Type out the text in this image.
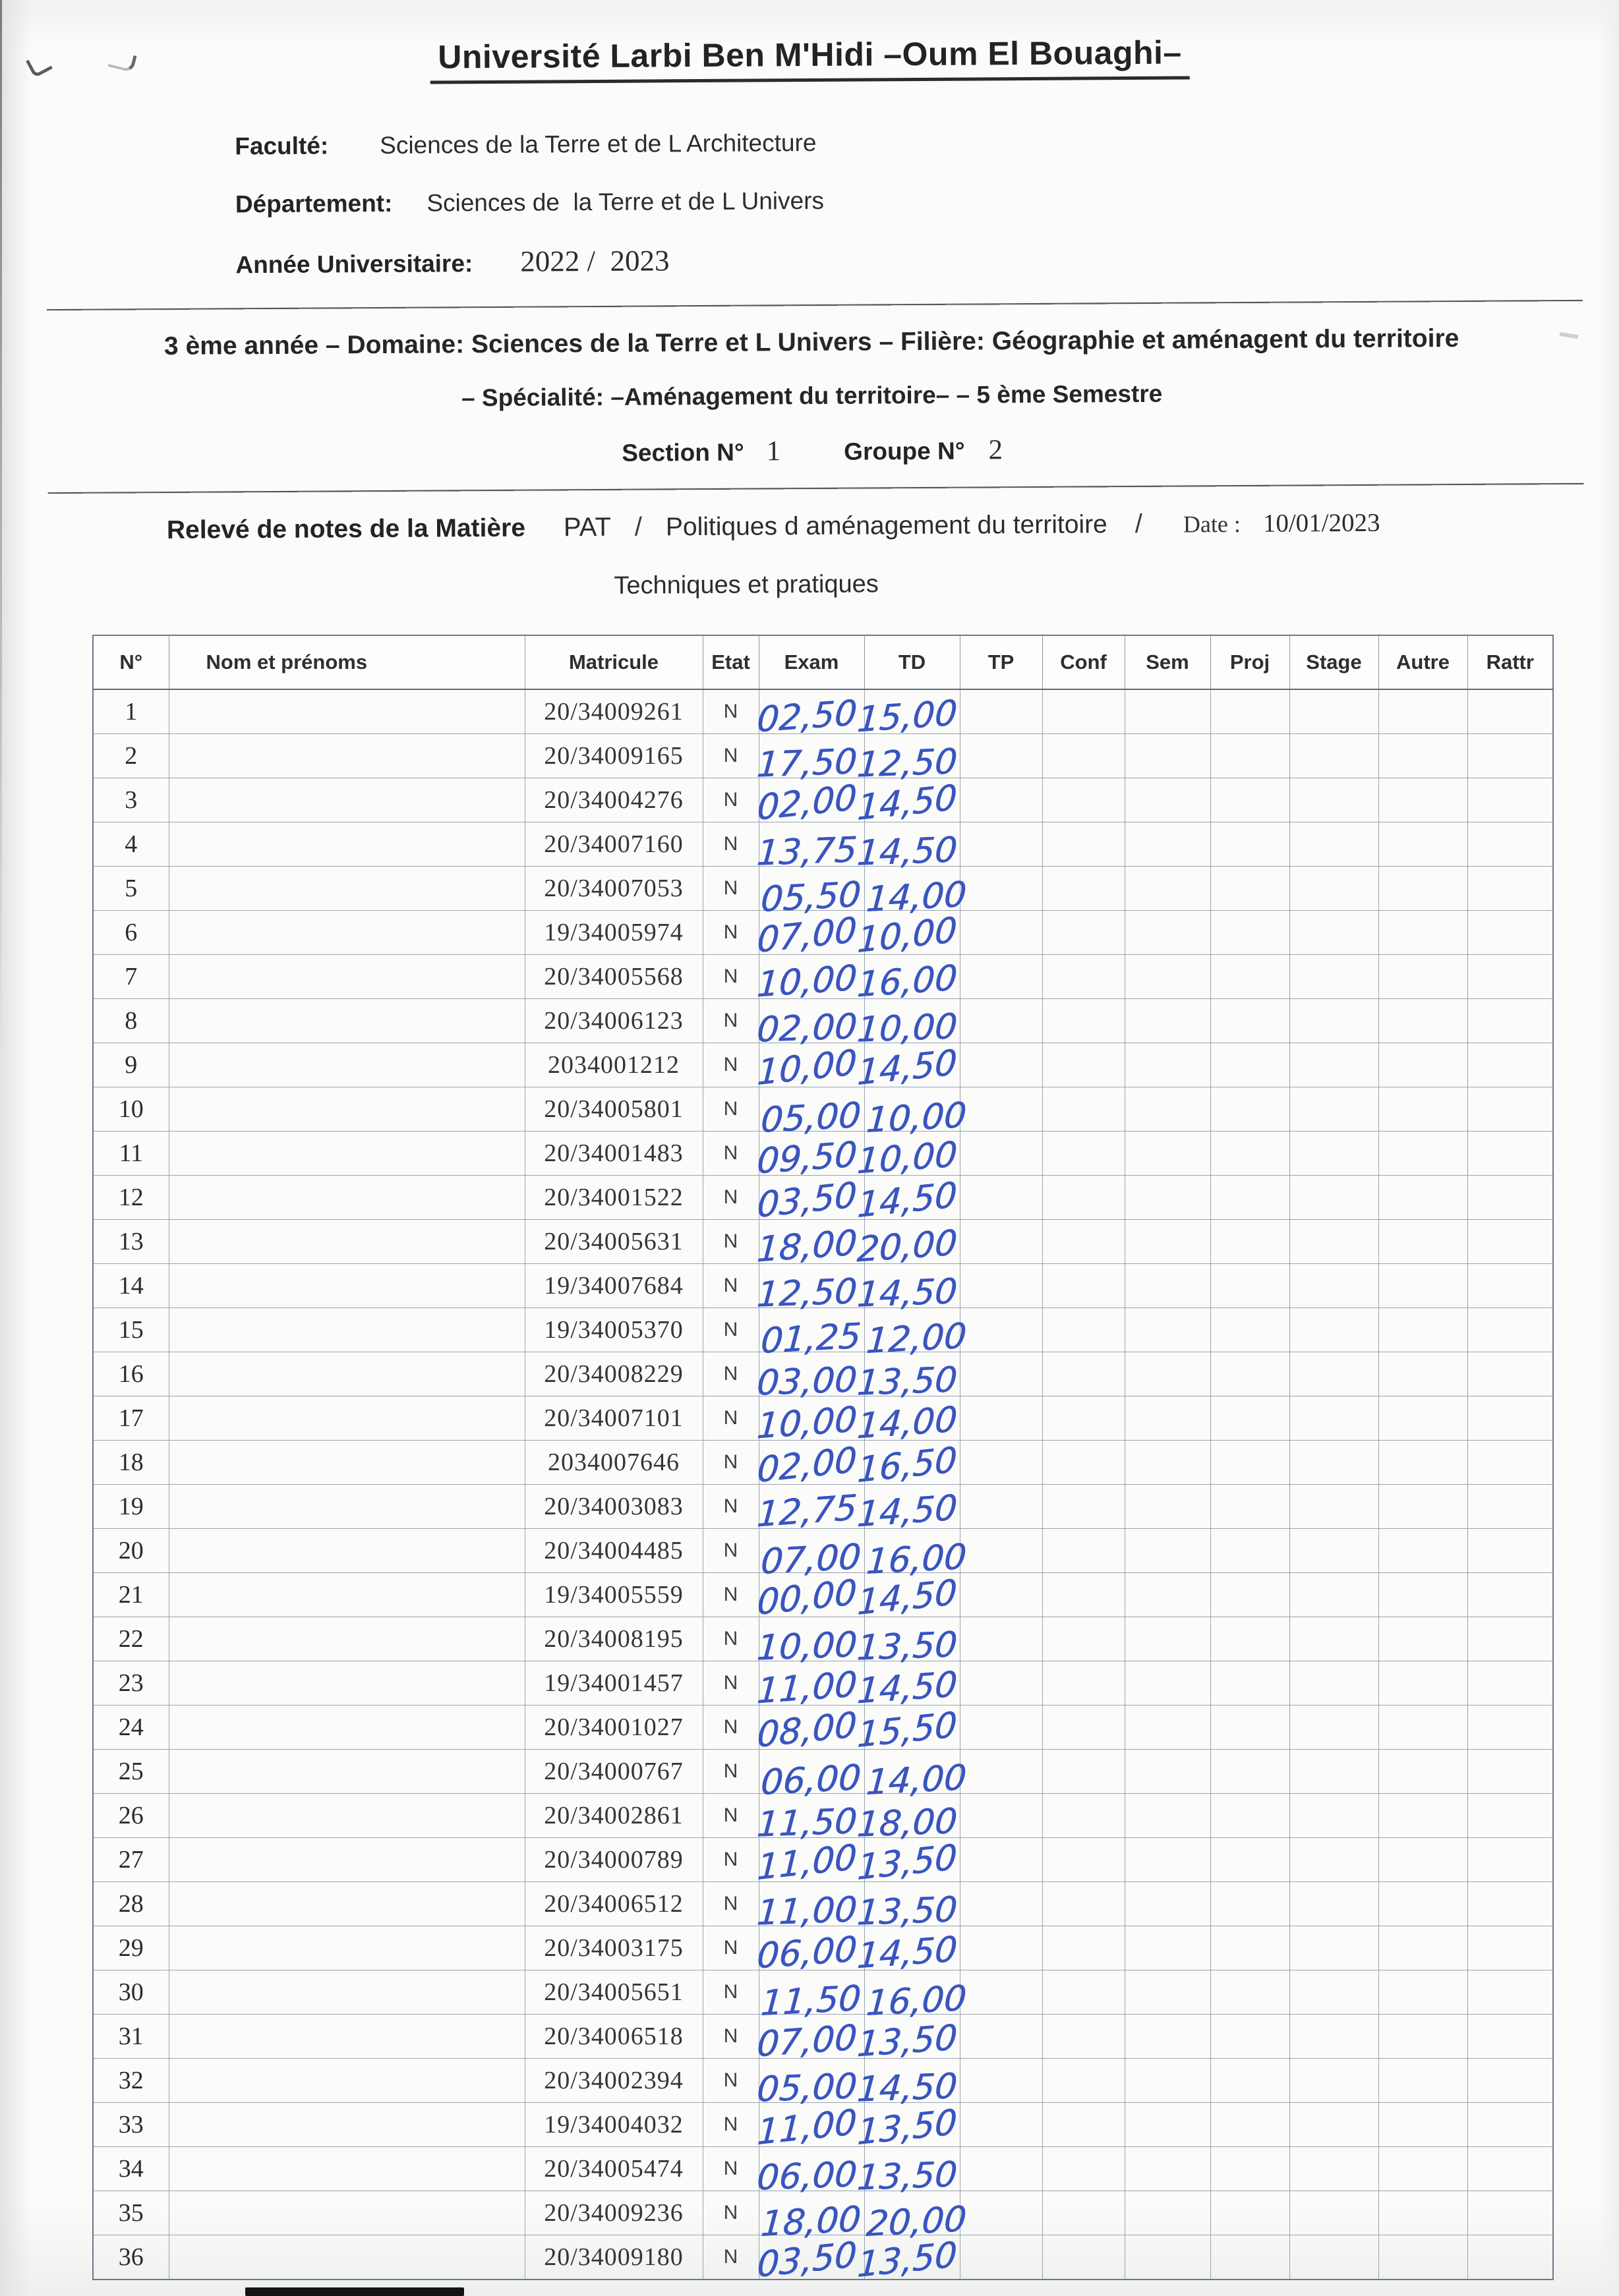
Université Larbi Ben M'Hidi –Oum El Bouaghi–
Faculté: Sciences de la Terre et de L Architecture
Département: Sciences de  la Terre et de L Univers
Année Universitaire: 2022 /  2023
3 ème année – Domaine: Sciences de la Terre et L Univers – Filière: Géographie et aménagent du territoire
– Spécialité: –Aménagement du territoire– – 5 ème Semestre
Section N° 1	Groupe N° 2
Relevé de notes de la Matière PAT / Politiques d aménagement du territoire / Date : 10/01/2023
Techniques et pratiques
N°	Nom et prénoms	Matricule	Etat	Exam	TD	TP	Conf	Sem	Proj	Stage	Autre	Rattr
1		20/34009261	N	02,50	15,00							
2		20/34009165	N	17,50	12,50							
3		20/34004276	N	02,00	14,50							
4		20/34007160	N	13,75	14,50							
5		20/34007053	N	05,50	14,00							
6		19/34005974	N	07,00	10,00							
7		20/34005568	N	10,00	16,00							
8		20/34006123	N	02,00	10,00							
9		2034001212	N	10,00	14,50							
10		20/34005801	N	05,00	10,00							
11		20/34001483	N	09,50	10,00							
12		20/34001522	N	03,50	14,50							
13		20/34005631	N	18,00	20,00							
14		19/34007684	N	12,50	14,50							
15		19/34005370	N	01,25	12,00							
16		20/34008229	N	03,00	13,50							
17		20/34007101	N	10,00	14,00							
18		2034007646	N	02,00	16,50							
19		20/34003083	N	12,75	14,50							
20		20/34004485	N	07,00	16,00							
21		19/34005559	N	00,00	14,50							
22		20/34008195	N	10,00	13,50							
23		19/34001457	N	11,00	14,50							
24		20/34001027	N	08,00	15,50							
25		20/34000767	N	06,00	14,00							
26		20/34002861	N	11,50	18,00							
27		20/34000789	N	11,00	13,50							
28		20/34006512	N	11,00	13,50							
29		20/34003175	N	06,00	14,50							
30		20/34005651	N	11,50	16,00							
31		20/34006518	N	07,00	13,50							
32		20/34002394	N	05,00	14,50							
33		19/34004032	N	11,00	13,50							
34		20/34005474	N	06,00	13,50							
35		20/34009236	N	18,00	20,00							
36		20/34009180	N	03,50	13,50							
